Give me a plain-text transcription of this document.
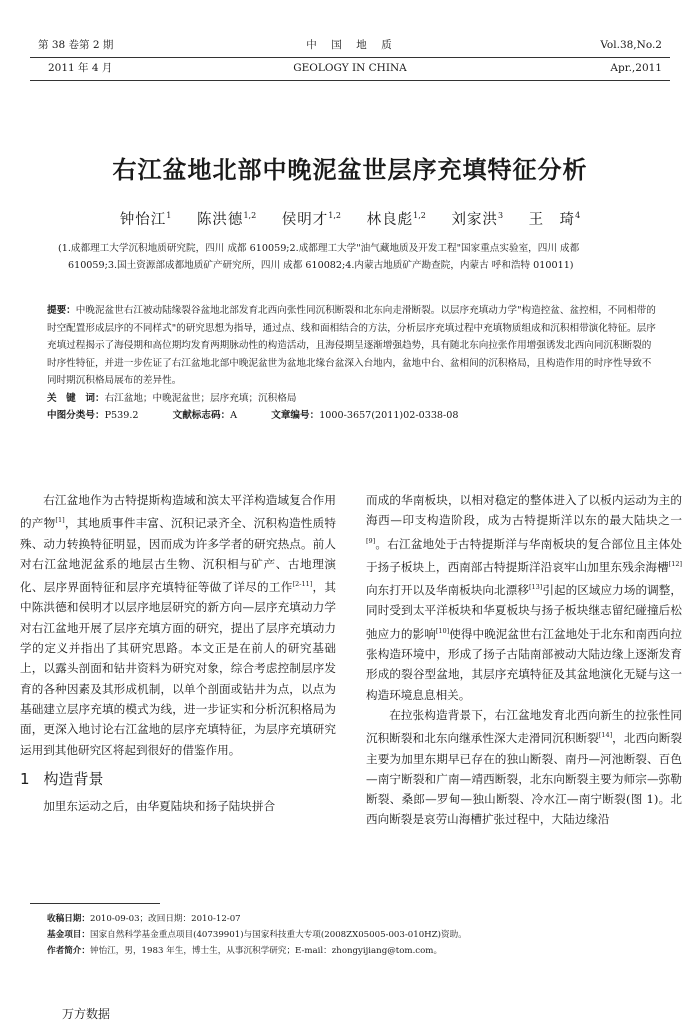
第 38 卷第 2 期
2011 年 4 月
中　国　地　质
GEOLOGY IN CHINA
Vol.38,No.2
Apr.,2011
右江盆地北部中晚泥盆世层序充填特征分析
钟怡江$^1$ 陈洪德$^{1,2}$ 侯明才$^{1,2}$ 林良彪$^{1,2}$ 刘家洪$^3$ 王　琦$^4$
(1.成都理工大学沉积地质研究院，四川 成都 610059;2.成都理工大学"油气藏地质及开发工程"国家重点实验室，四川 成都
610059;3.国土资源部成都地质矿产研究所，四川 成都 610082;4.内蒙古地质矿产勘查院，内蒙古 呼和浩特 010011)
提要：中晚泥盆世右江被动陆缘裂谷盆地北部发育北西向张性同沉积断裂和北东向走滑断裂。以层序充填动力学"构造控盆、盆控相，不同相带的时空配置形成层序的不同样式"的研究思想为指导，通过点、线和面相结合的方法，分析层序充填过程中充填物质组成和沉积相带演化特征。层序充填过程揭示了海侵期和高位期均发育两期脉动性的构造活动，且海侵期呈逐渐增强趋势，具有随北东向拉张作用增强诱发北西向同沉积断裂的时序性特征，并进一步佐证了右江盆地北部中晚泥盆世为盆地北缘台盆深入台地内，盆地中台、盆相间的沉积格局，且构造作用的时序性导致不同时期沉积格局展布的差异性。
关　键　词：右江盆地；中晚泥盆世；层序充填；沉积格局
中图分类号：P539.2	文献标志码：A	文章编号：1000-3657(2011)02-0338-08

右江盆地作为古特提斯构造域和滨太平洋构造域复合作用的产物[1]，其地质事件丰富、沉积记录齐全、沉积构造性质特殊、动力转换特征明显，因而成为许多学者的研究热点。前人对右江盆地泥盆系的地层古生物、沉积相与矿产、古地理演化、层序界面特征和层序充填特征等做了详尽的工作[2-11]，其中陈洪德和侯明才以层序地层研究的新方向—层序充填动力学对右江盆地开展了层序充填方面的研究，提出了层序充填动力学的定义并指出了其研究思路。本文正是在前人的研究基础上，以露头剖面和钻井资料为研究对象，综合考虑控制层序发育的各种因素及其形成机制，以单个剖面或钻井为点，以点为基础建立层序充填的模式为线，进一步证实和分析沉积格局为面，更深入地讨论右江盆地的层序充填特征，为层序充填研究运用到其他研究区将起到很好的借鉴作用。

1 构造背景

加里东运动之后，由华夏陆块和扬子陆块拼合

而成的华南板块，以相对稳定的整体进入了以板内运动为主的海西—印支构造阶段，成为古特提斯洋以东的最大陆块之一[9]。右江盆地处于古特提斯洋与华南板块的复合部位且主体处于扬子板块上，西南部古特提斯洋沿哀牢山加里东残余海槽[12]向东打开以及华南板块向北漂移[13]引起的区域应力场的调整，同时受到太平洋板块和华夏板块与扬子板块继志留纪碰撞后松弛应力的影响[10]使得中晚泥盆世右江盆地处于北东和南西向拉张构造环境中，形成了扬子古陆南部被动大陆边缘上逐渐发育形成的裂谷型盆地，其层序充填特征及其盆地演化无疑与这一构造环境息息相关。

在拉张构造背景下，右江盆地发育北西向新生的拉张性同沉积断裂和北东向继承性深大走滑同沉积断裂[14]，北西向断裂主要为加里东期早已存在的独山断裂、南丹—河池断裂、百色—南宁断裂和广南—靖西断裂，北东向断裂主要为师宗—弥勒断裂、桑郎—罗甸—独山断裂、冷水江—南宁断裂(图 1)。北西向断裂是哀劳山海槽扩张过程中，大陆边缘沿

收稿日期：2010-09-03；改回日期：2010-12-07
基金项目：国家自然科学基金重点项目(40739901)与国家科技重大专项(2008ZX05005-003-010HZ)资助。
作者简介：钟怡江，男，1983 年生，博士生，从事沉积学研究；E-mail：zhongyijiang@tom.com。
万方数据
